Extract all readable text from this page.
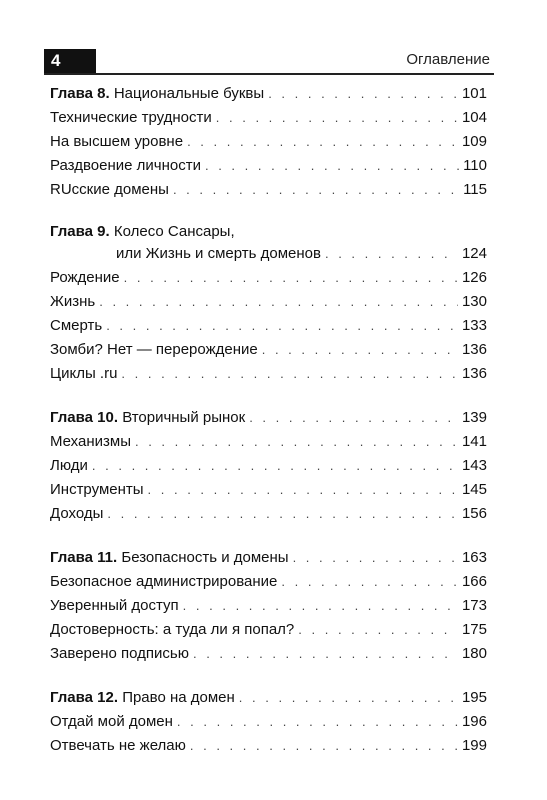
4	Оглавление
Глава 8. Национальные буквы . . .	101
Технические трудности . . .	104
На высшем уровне . . .	109
Раздвоение личности . . .	110
RUсские домены . . .	115
Глава 9. Колесо Сансары,
или Жизнь и смерть доменов . . .	124
Рождение . . .	126
Жизнь . . .	130
Смерть . . .	133
Зомби? Нет — перерождение . . .	136
Циклы .ru . . .	136
Глава 10. Вторичный рынок . . .	139
Механизмы . . .	141
Люди . . .	143
Инструменты . . .	145
Доходы . . .	156
Глава 11. Безопасность и домены . . .	163
Безопасное администрирование . . .	166
Уверенный доступ . . .	173
Достоверность: а туда ли я попал? . . .	175
Заверено подписью . . .	180
Глава 12. Право на домен . . .	195
Отдай мой домен . . .	196
Отвечать не желаю . . .	199
